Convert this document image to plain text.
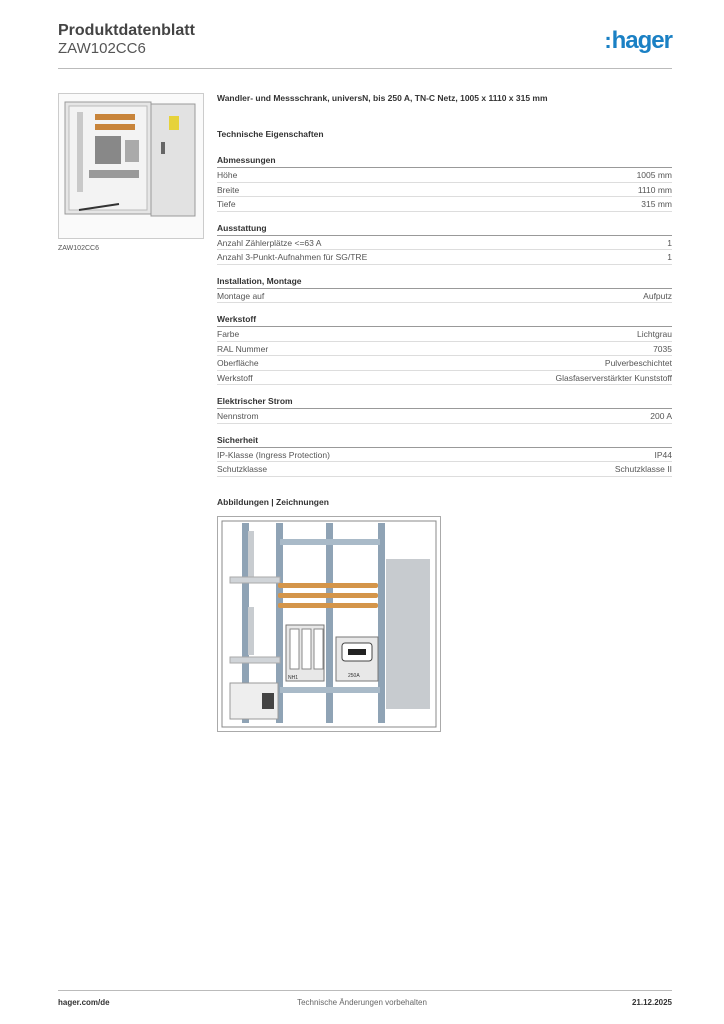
Produktdatenblatt
ZAW102CC6	:hager
ZAW102CC6
Wandler- und Messschrank, universN, bis 250 A, TN-C Netz, 1005 x 1110 x 315 mm
Technische Eigenschaften
Abmessungen
Höhe	1005 mm
Breite	1110 mm
Tiefe	315 mm
Ausstattung
Anzahl Zählerplätze <=63 A	1
Anzahl 3-Punkt-Aufnahmen für SG/TRE	1
Installation, Montage
Montage auf	Aufputz
Werkstoff
Farbe	Lichtgrau
RAL Nummer	7035
Oberfläche	Pulverbeschichtet
Werkstoff	Glasfaserverstärkter Kunststoff
Elektrischer Strom
Nennstrom	200 A
Sicherheit
IP-Klasse (Ingress Protection)	IP44
Schutzklasse	Schutzklasse II
Abbildungen | Zeichnungen
NH1	250A
hager.com/de	Technische Änderungen vorbehalten	21.12.2025
